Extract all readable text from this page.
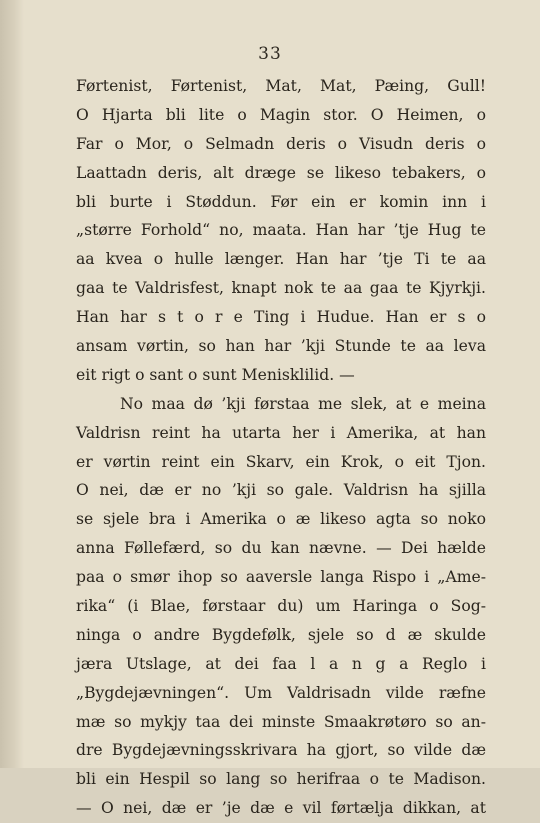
33
Førtenist, Førtenist, Mat, Mat, Pæing, Gull!
O Hjarta bli lite o Magin stor. O Heimen, o
Far o Mor, o Selmadn deris o Visudn deris o
Laattadn deris, alt dræge se likeso tebakers, o
bli burte i Støddun. Før ein er komin inn i
„større Forhold“ no, maata. Han har ’tje Hug te
aa kvea o hulle længer. Han har ’tje Ti te aa
gaa te Valdrisfest, knapt nok te aa gaa te Kjyrkji.
Han har s t o r e Ting i Hudue. Han er s o
ansam vørtin, so han har ’kji Stunde te aa leva
eit rigt o sant o sunt Menisklilid. —
No maa dø ’kji førstaa me slek, at e meina
Valdrisn reint ha utarta her i Amerika, at han
er vørtin reint ein Skarv, ein Krok, o eit Tjon.
O nei, dæ er no ’kji so gale. Valdrisn ha sjilla
se sjele bra i Amerika o æ likeso agta so noko
anna Føllefærd, so du kan nævne. — Dei hælde
paa o smør ihop so aaversle langa Rispo i „Ame-
rika“ (i Blae, førstaar du) um Haringa o Sog-
ninga o andre Bygdefølk, sjele so d æ skulde
jæra Utslage, at dei faa l a n g a Reglo i
„Bygdejævningen“. Um Valdrisadn vilde ræfne
mæ so mykjy taa dei minste Smaakrøtøro so an-
dre Bygdejævningsskrivara ha gjort, so vilde dæ
bli ein Hespil so lang so herifraa o te Madison.
— O nei, dæ er ’je dæ e vil førtælja dikkan, at
